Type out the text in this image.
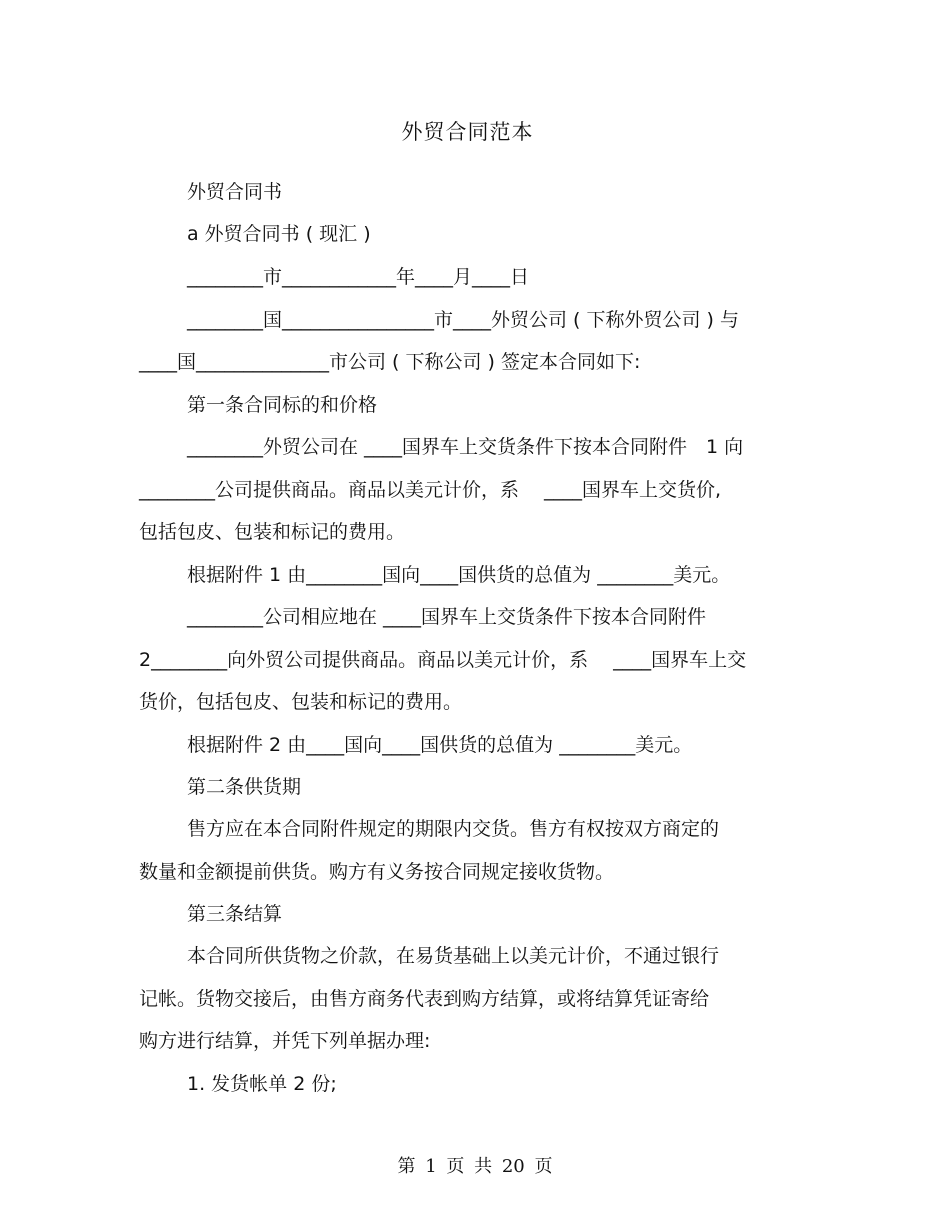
外贸合同范本
外贸合同书
a 外贸合同书 ( 现汇 )
________市____________年____月____日
________国________________市____外贸公司 ( 下称外贸公司 ) 与
____国______________市公司 ( 下称公司 ) 签定本合同如下:
第一条合同标的和价格
________外贸公司在 ____国界车上交货条件下按本合同附件　1 向
________公司提供商品。商品以美元计价，系　 ____国界车上交货价,
包括包皮、包装和标记的费用。
根据附件 1 由________国向____国供货的总值为 ________美元。
________公司相应地在 ____国界车上交货条件下按本合同附件
2________向外贸公司提供商品。商品以美元计价，系　 ____国界车上交
货价，包括包皮、包装和标记的费用。
根据附件 2 由____国向____国供货的总值为 ________美元。
第二条供货期
售方应在本合同附件规定的期限内交货。售方有权按双方商定的
数量和金额提前供货。购方有义务按合同规定接收货物。
第三条结算
本合同所供货物之价款，在易货基础上以美元计价，不通过银行
记帐。货物交接后，由售方商务代表到购方结算，或将结算凭证寄给
购方进行结算，并凭下列单据办理:
1. 发货帐单 2 份;
第 1 页 共 20 页
